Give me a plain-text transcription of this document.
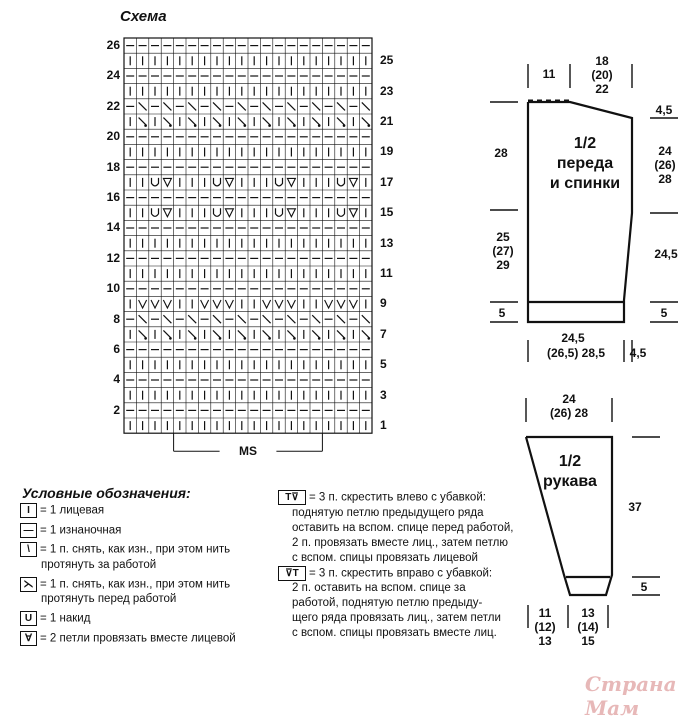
Схема
26
24
22
20
18
16
14
12
10
8
6
4
2
25
23
21
19
17
15
13
11
9
7
5
3
1
MS
Условные обозначения:
I = 1 лицевая
— = 1 изнаночная
\ = 1 п. снять, как изн., при этом нить
протянуть за работой
⋋ = 1 п. снять, как изн., при этом нить
протянуть перед работой
U = 1 накид
∀ = 2 петли провязать вместе лицевой
T⊽ = 3 п. скрестить влево с убавкой:
поднятую петлю предыдущего ряда
оставить на вспом. спице перед работой,
2 п. провязать вместе лиц., затем петлю
с вспом. спицы провязать лицевой
⊽T = 3 п. скрестить вправо с убавкой:
2 п. оставить на вспом. спице за
работой, поднятую петлю предыду-
щего ряда провязать лиц., затем петли
с вспом. спицы провязать вместе лиц.
1/2
переда
и спинки
11
18
(20)
22
4,5
28	24
(26)
28
25
(27)
29
24,5
5	5
24,5
(26,5) 28,5	4,5
1/2
рукава
24
(26) 28
37
5
11
(12)
13
13
(14)
15
Страна Мам
